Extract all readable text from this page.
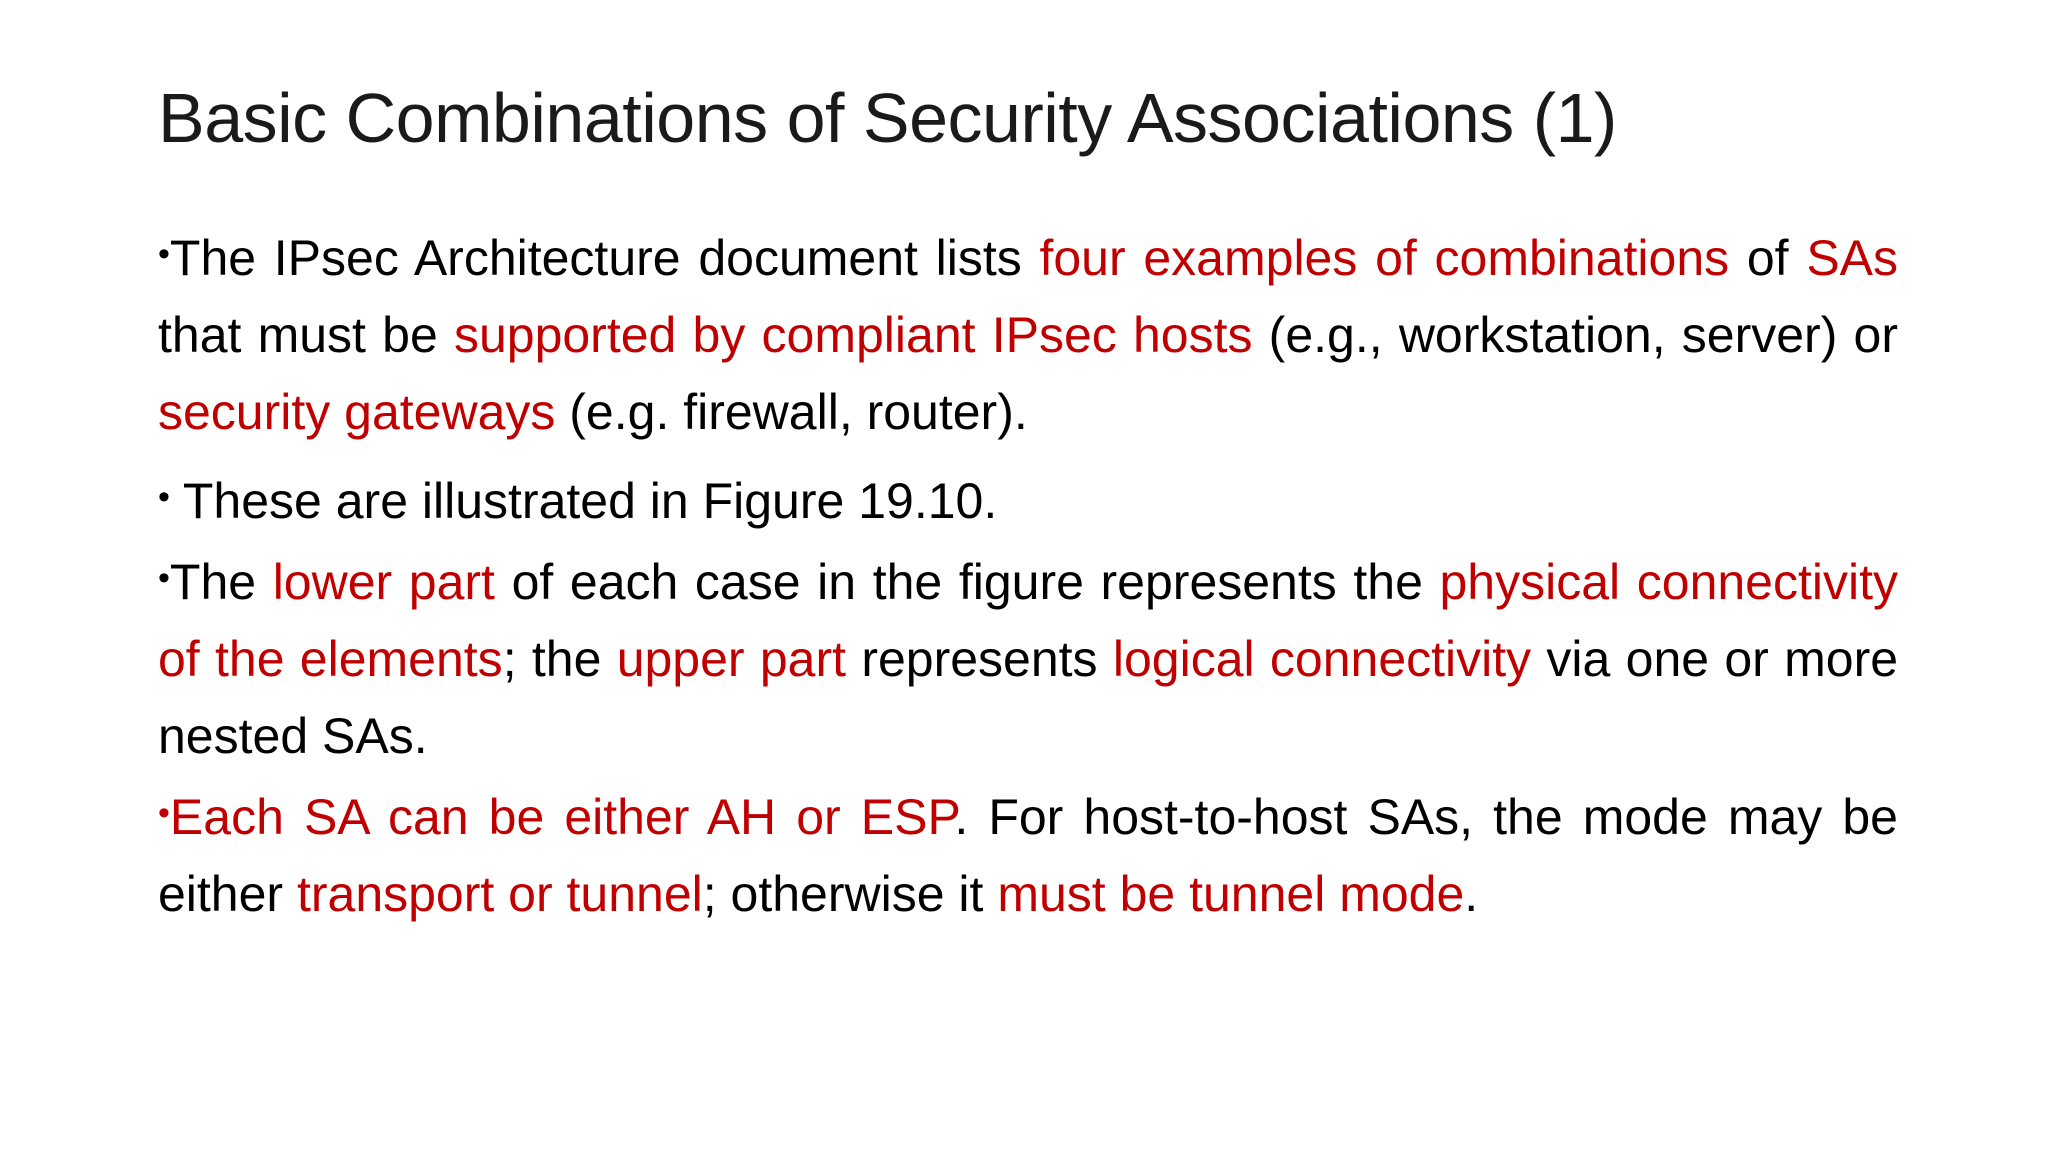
Basic Combinations of Security Associations (1)

•The IPsec Architecture document lists four examples of combinations of SAs that must be supported by compliant IPsec hosts (e.g., workstation, server) or security gateways (e.g. firewall, router).

• These are illustrated in Figure 19.10.

•The lower part of each case in the figure represents the physical connectivity of the elements; the upper part represents logical connectivity via one or more nested SAs.

•Each SA can be either AH or ESP. For host-to-host SAs, the mode may be either transport or tunnel; otherwise it must be tunnel mode.
